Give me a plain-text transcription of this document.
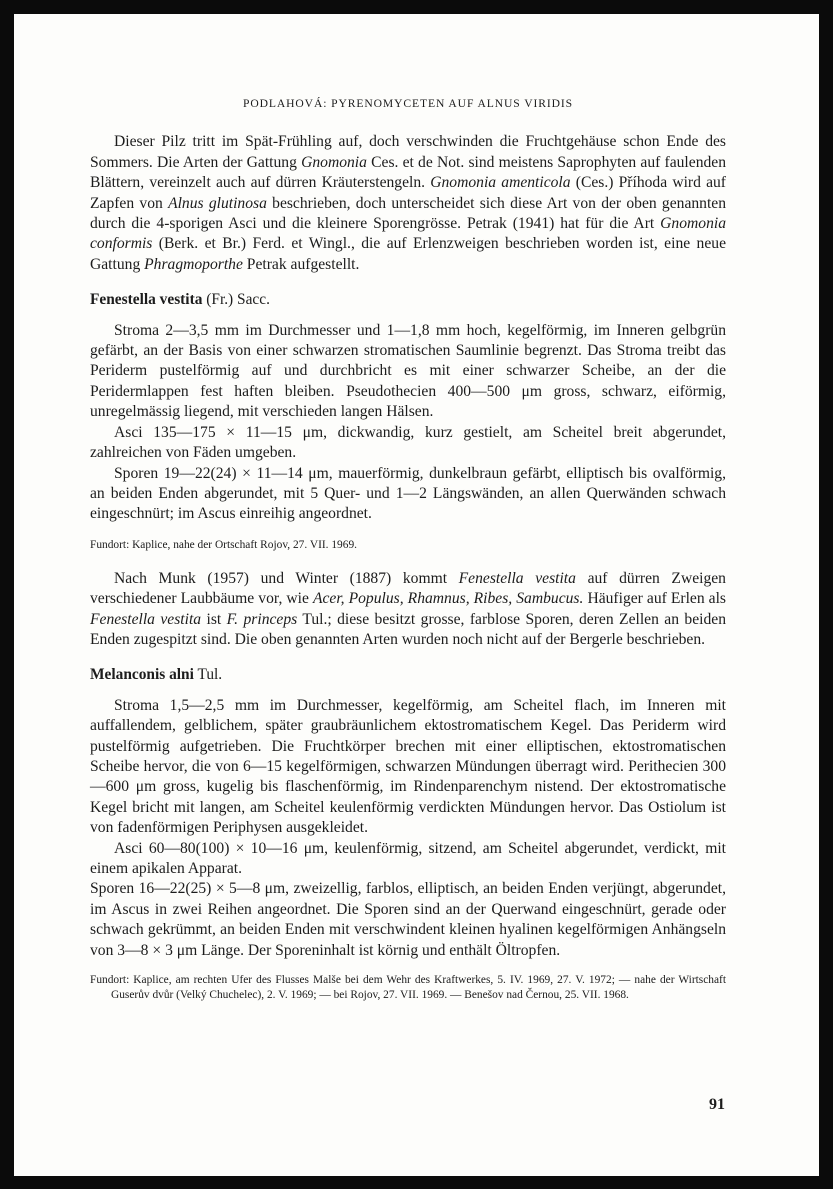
PODLAHOVÁ: PYRENOMYCETEN AUF ALNUS VIRIDIS

Dieser Pilz tritt im Spät-Frühling auf, doch verschwinden die Fruchtgehäuse schon Ende des Sommers. Die Arten der Gattung Gnomonia Ces. et de Not. sind meistens Saprophyten auf faulenden Blättern, vereinzelt auch auf dürren Kräuterstengeln. Gnomonia amenticola (Ces.) Příhoda wird auf Zapfen von Alnus glutinosa beschrieben, doch unterscheidet sich diese Art von der oben genannten durch die 4-sporigen Asci und die kleinere Sporengrösse. Petrak (1941) hat für die Art Gnomonia conformis (Berk. et Br.) Ferd. et Wingl., die auf Erlenzweigen beschrieben worden ist, eine neue Gattung Phragmoporthe Petrak aufgestellt.

Fenestella vestita (Fr.) Sacc.

Stroma 2—3,5 mm im Durchmesser und 1—1,8 mm hoch, kegelförmig, im Inneren gelbgrün gefärbt, an der Basis von einer schwarzen stromatischen Saumlinie begrenzt. Das Stroma treibt das Periderm pustelförmig auf und durchbricht es mit einer schwarzer Scheibe, an der die Peridermlappen fest haften bleiben. Pseudothecien 400—500 μm gross, schwarz, eiförmig, unregelmässig liegend, mit verschieden langen Hälsen.

Asci 135—175 × 11—15 μm, dickwandig, kurz gestielt, am Scheitel breit abgerundet, zahlreichen von Fäden umgeben.

Sporen 19—22(24) × 11—14 μm, mauerförmig, dunkelbraun gefärbt, elliptisch bis ovalförmig, an beiden Enden abgerundet, mit 5 Quer- und 1—2 Längswänden, an allen Querwänden schwach eingeschnürt; im Ascus einreihig angeordnet.

Fundort: Kaplice, nahe der Ortschaft Rojov, 27. VII. 1969.

Nach Munk (1957) und Winter (1887) kommt Fenestella vestita auf dürren Zweigen verschiedener Laubbäume vor, wie Acer, Populus, Rhamnus, Ribes, Sambucus. Häufiger auf Erlen als Fenestella vestita ist F. princeps Tul.; diese besitzt grosse, farblose Sporen, deren Zellen an beiden Enden zugespitzt sind. Die oben genannten Arten wurden noch nicht auf der Bergerle beschrieben.

Melanconis alni Tul.

Stroma 1,5—2,5 mm im Durchmesser, kegelförmig, am Scheitel flach, im Inneren mit auffallendem, gelblichem, später graubräunlichem ektostromatischem Kegel. Das Periderm wird pustelförmig aufgetrieben. Die Fruchtkörper brechen mit einer elliptischen, ektostromatischen Scheibe hervor, die von 6—15 kegelförmigen, schwarzen Mündungen überragt wird. Perithecien 300—600 μm gross, kugelig bis flaschenförmig, im Rindenparenchym nistend. Der ektostromatische Kegel bricht mit langen, am Scheitel keulenförmig verdickten Mündungen hervor. Das Ostiolum ist von fadenförmigen Periphysen ausgekleidet.

Asci 60—80(100) × 10—16 μm, keulenförmig, sitzend, am Scheitel abgerundet, verdickt, mit einem apikalen Apparat.

Sporen 16—22(25) × 5—8 μm, zweizellig, farblos, elliptisch, an beiden Enden verjüngt, abgerundet, im Ascus in zwei Reihen angeordnet. Die Sporen sind an der Querwand eingeschnürt, gerade oder schwach gekrümmt, an beiden Enden mit verschwindent kleinen hyalinen kegelförmigen Anhängseln von 3—8 × 3 μm Länge. Der Sporeninhalt ist körnig und enthält Öltropfen.

Fundort: Kaplice, am rechten Ufer des Flusses Malše bei dem Wehr des Kraftwerkes, 5. IV. 1969, 27. V. 1972; — nahe der Wirtschaft Guserův dvůr (Velký Chuchelec), 2. V. 1969; — bei Rojov, 27. VII. 1969. — Benešov nad Černou, 25. VII. 1968.
91
